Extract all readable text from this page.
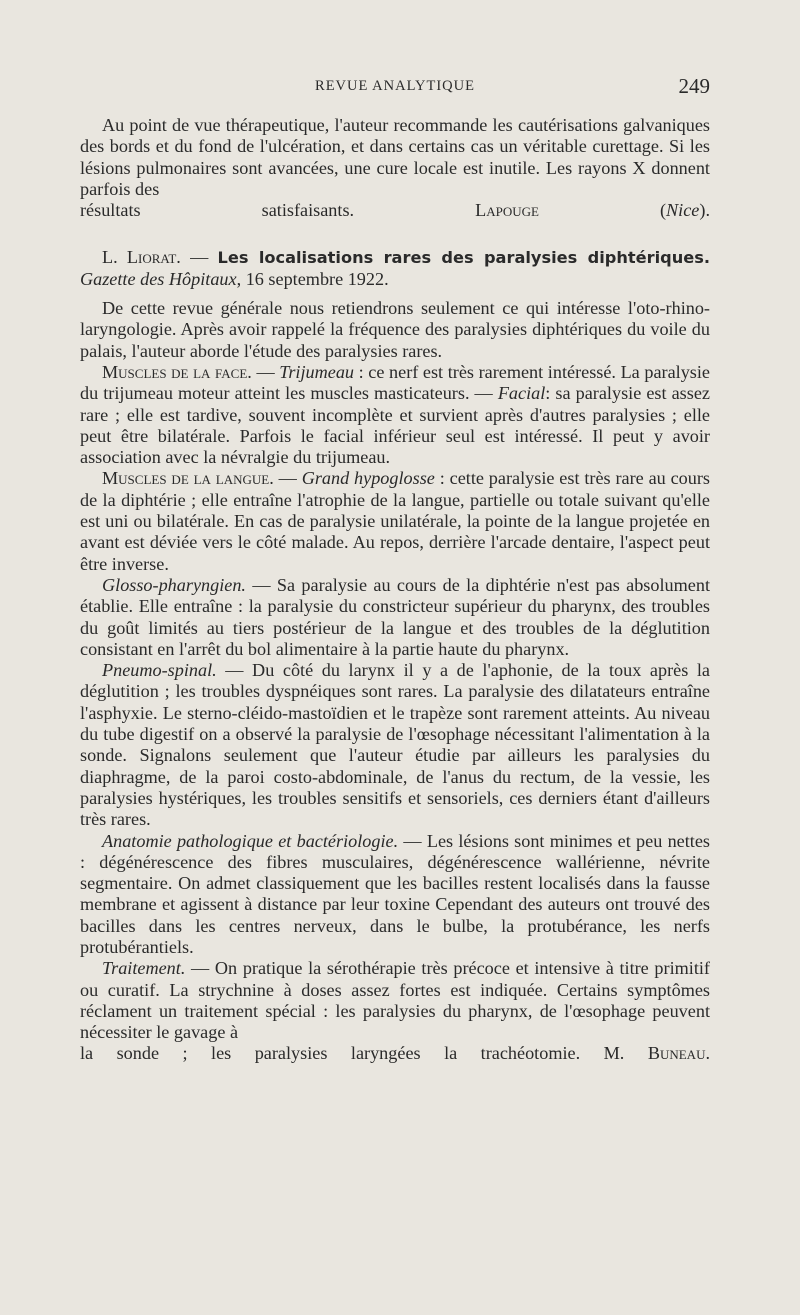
REVUE ANALYTIQUE	249

Au point de vue thérapeutique, l'auteur recommande les cautérisations galvaniques des bords et du fond de l'ulcération, et dans certains cas un véritable curettage. Si les lésions pulmonaires sont avancées, une cure locale est inutile. Les rayons X donnent parfois des

résultats satisfaisants.	Lapouge (Nice).

L. Liorat. — Les localisations rares des paralysies diphtériques. Gazette des Hôpitaux, 16 septembre 1922.

De cette revue générale nous retiendrons seulement ce qui intéresse l'oto-rhino-laryngologie. Après avoir rappelé la fréquence des paralysies diphtériques du voile du palais, l'auteur aborde l'étude des paralysies rares.

Muscles de la face. — Trijumeau : ce nerf est très rarement intéressé. La paralysie du trijumeau moteur atteint les muscles masticateurs. — Facial: sa paralysie est assez rare ; elle est tardive, souvent incomplète et survient après d'autres paralysies ; elle peut être bilatérale. Parfois le facial inférieur seul est intéressé. Il peut y avoir association avec la névralgie du trijumeau.

Muscles de la langue. — Grand hypoglosse : cette paralysie est très rare au cours de la diphtérie ; elle entraîne l'atrophie de la langue, partielle ou totale suivant qu'elle est uni ou bilatérale. En cas de paralysie unilatérale, la pointe de la langue projetée en avant est déviée vers le côté malade. Au repos, derrière l'arcade dentaire, l'aspect peut être inverse.

Glosso-pharyngien. — Sa paralysie au cours de la diphtérie n'est pas absolument établie. Elle entraîne : la paralysie du constricteur supérieur du pharynx, des troubles du goût limités au tiers postérieur de la langue et des troubles de la déglutition consistant en l'arrêt du bol alimentaire à la partie haute du pharynx.

Pneumo-spinal. — Du côté du larynx il y a de l'aphonie, de la toux après la déglutition ; les troubles dyspnéiques sont rares. La paralysie des dilatateurs entraîne l'asphyxie. Le sterno-cléido-mastoïdien et le trapèze sont rarement atteints. Au niveau du tube digestif on a observé la paralysie de l'œsophage nécessitant l'alimentation à la sonde. Signalons seulement que l'auteur étudie par ailleurs les paralysies du diaphragme, de la paroi costo-abdominale, de l'anus du rectum, de la vessie, les paralysies hystériques, les troubles sensitifs et sensoriels, ces derniers étant d'ailleurs très rares.

Anatomie pathologique et bactériologie. — Les lésions sont minimes et peu nettes : dégénérescence des fibres musculaires, dégénérescence wallérienne, névrite segmentaire. On admet classiquement que les bacilles restent localisés dans la fausse membrane et agissent à distance par leur toxine Cependant des auteurs ont trouvé des bacilles dans les centres nerveux, dans le bulbe, la protubérance, les nerfs protubérantiels.

Traitement. — On pratique la sérothérapie très précoce et intensive à titre primitif ou curatif. La strychnine à doses assez fortes est indiquée. Certains symptômes réclament un traitement spécial : les paralysies du pharynx, de l'œsophage peuvent nécessiter le gavage à

la sonde ; les paralysies laryngées la trachéotomie. M. Buneau.
